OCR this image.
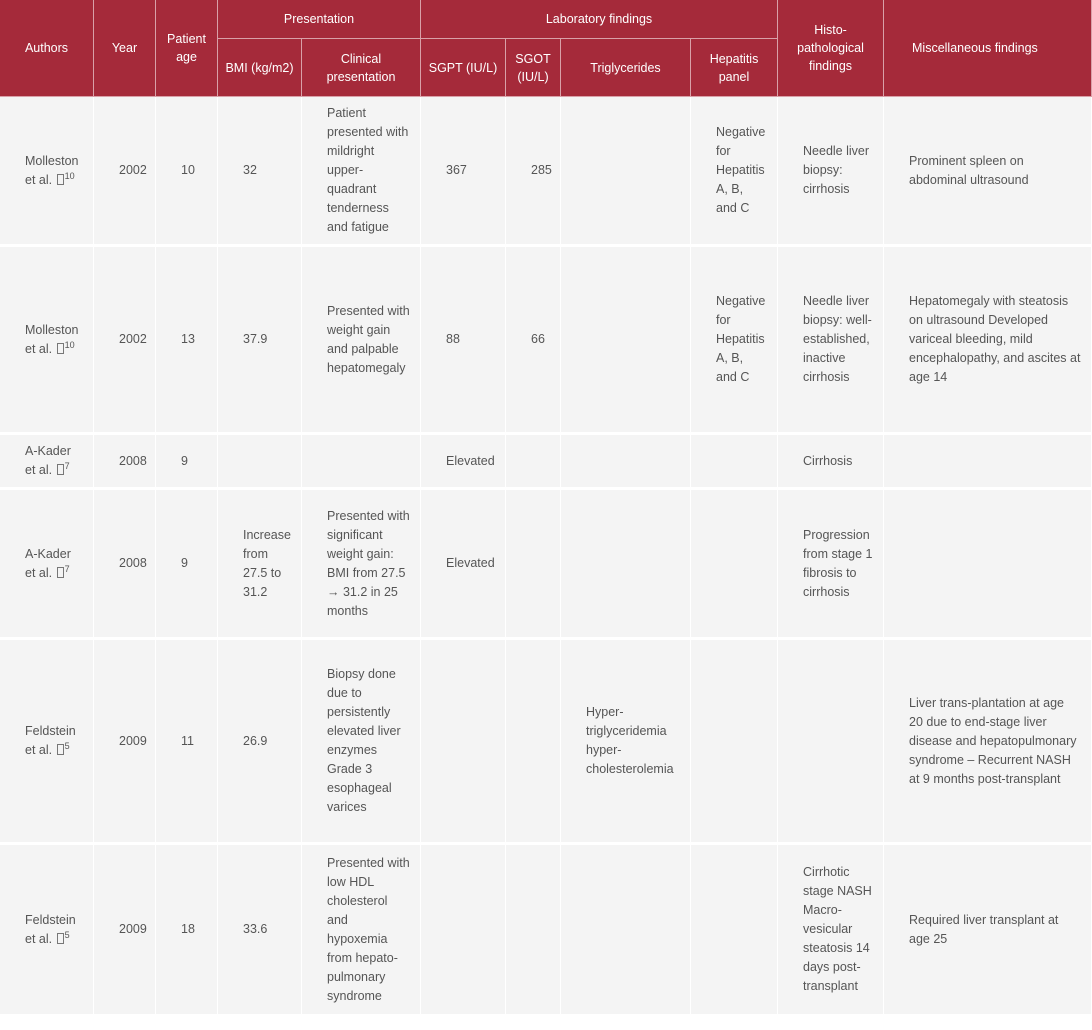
Authors	Year	Patient age	Presentation		Laboratory findings				Histo-pathological findings	Miscellaneous findings
			BMI (kg/m2)	Clinical presentation	SGPT (IU/L)	SGOT (IU/L)	Triglycerides	Hepatitis panel		
Molleston et al. $^{10}$	2002	10	32	Patient presented with mildright upper-quadrant tenderness and fatigue	367	285		Negative for Hepatitis A, B, and C	Needle liver biopsy: cirrhosis	Prominent spleen on abdominal ultrasound
Molleston et al. $^{10}$	2002	13	37.9	Presented with weight gain and palpable hepatomegaly	88	66		Negative for Hepatitis A, B, and C	Needle liver biopsy: well-established, inactive cirrhosis	Hepatomegaly with steatosis on ultrasound Developed variceal bleeding, mild encephalopathy, and ascites at age 14
A-Kader et al. $^7$	2008	9			Elevated				Cirrhosis	
A-Kader et al. $^7$	2008	9	Increase from 27.5 to 31.2	Presented with significant weight gain: BMI from 27.5 → 31.2 in 25 months	Elevated				Progression from stage 1 fibrosis to cirrhosis	
Feldstein et al. $^5$	2009	11	26.9	Biopsy done due to persistently elevated liver enzymes Grade 3 esophageal varices			Hyper-triglyceridemia hyper-cholesterolemia			Liver trans-plantation at age 20 due to end-stage liver disease and hepatopulmonary syndrome – Recurrent NASH at 9 months post-transplant
Feldstein et al. $^5$	2009	18	33.6	Presented with low HDL cholesterol and hypoxemia from hepato-pulmonary syndrome					Cirrhotic stage NASH Macro-vesicular steatosis 14 days post-transplant	Required liver transplant at age 25
